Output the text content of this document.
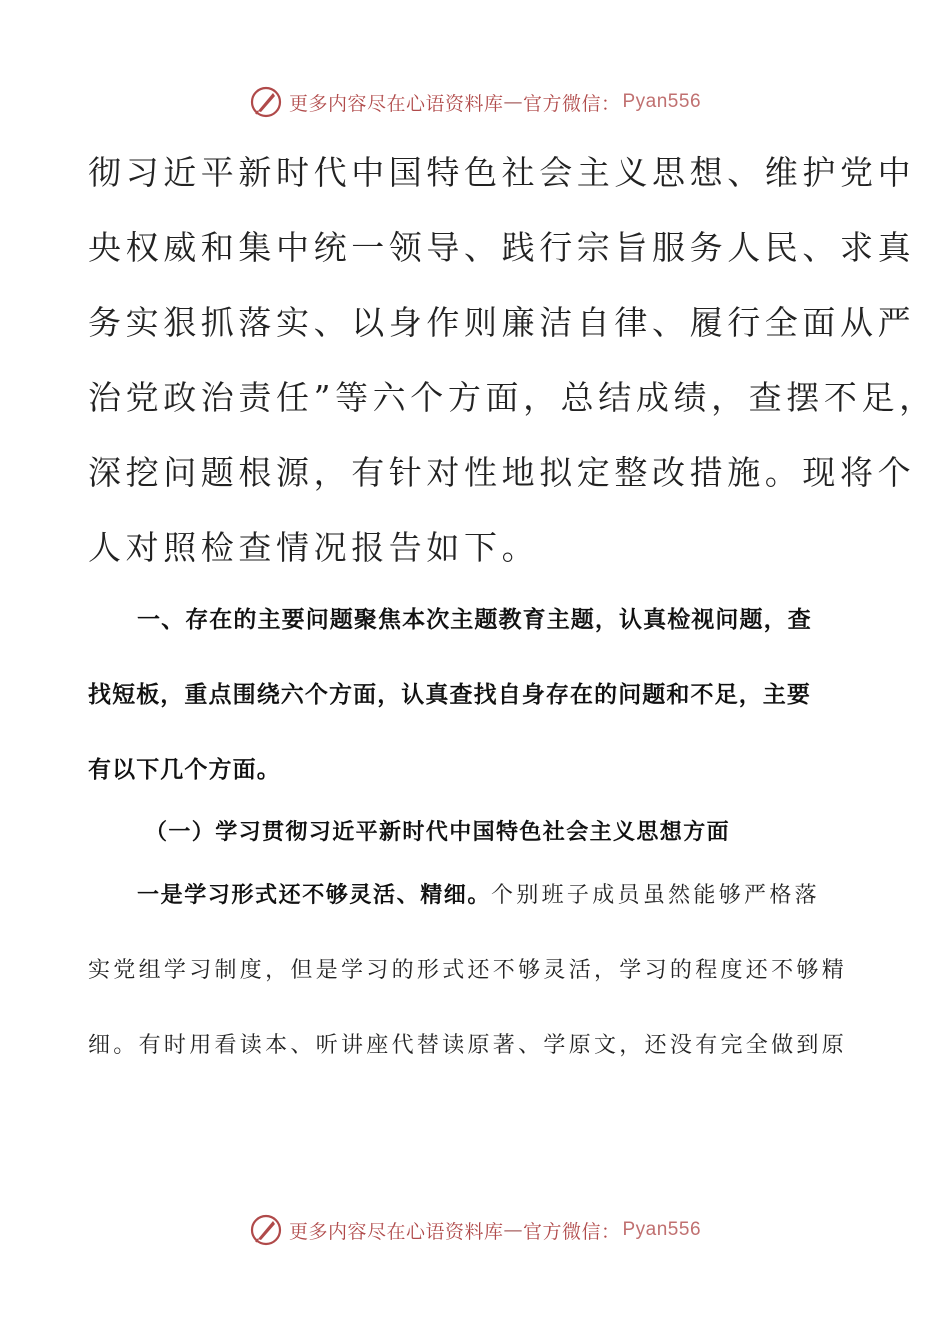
更多内容尽在心语资料库 — 官方微信： Pyan556
彻习近平新时代中国特色社会主义思想、维护党中
央权威和集中统一领导、践行宗旨服务人民、求真
务实狠抓落实、以身作则廉洁自律、履行全面从严
治党政治责任”等六个方面，总结成绩，查摆不足，
深挖问题根源，有针对性地拟定整改措施。现将个
人对照检查情况报告如下。
一、存在的主要问题聚焦本次主题教育主题，认真检视问题，查
找短板，重点围绕六个方面，认真查找自身存在的问题和不足，主要
有以下几个方面。
（一）学习贯彻习近平新时代中国特色社会主义思想方面
一是学习形式还不够灵活、精细。个别班子成员虽然能够严格落
实党组学习制度，但是学习的形式还不够灵活，学习的程度还不够精
细。有时用看读本、听讲座代替读原著、学原文，还没有完全做到原
更多内容尽在心语资料库 — 官方微信： Pyan556
